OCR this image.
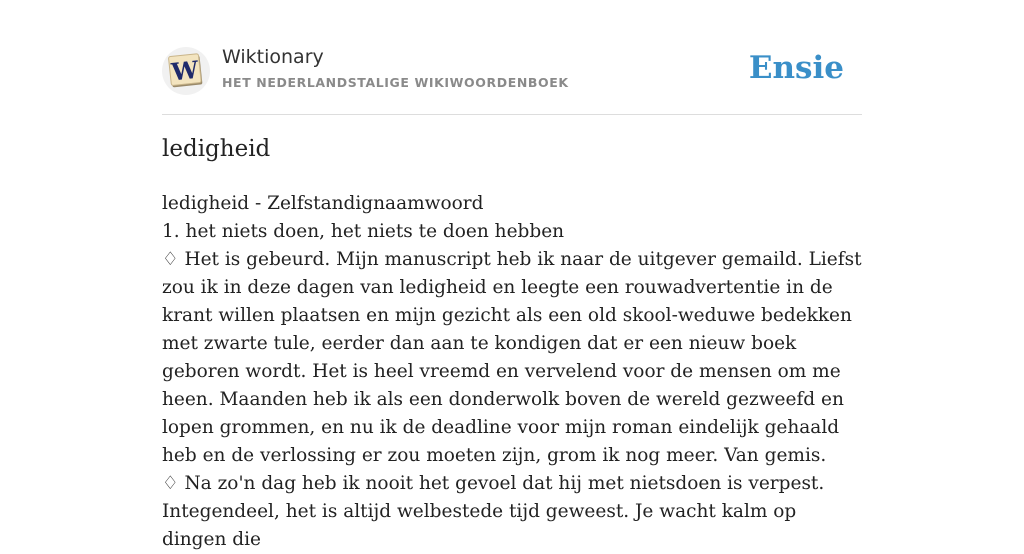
W Wiktionary
HET NEDERLANDSTALIGE WIKIWOORDENBOEK	Ensie
ledigheid

ledigheid - Zelfstandignaamwoord

1. het niets doen, het niets te doen hebben

♢ Het is gebeurd. Mijn manuscript heb ik naar de uitgever gemaild. Liefst zou ik in deze dagen van ledigheid en leegte een rouwadvertentie in de krant willen plaatsen en mijn gezicht als een old skool-weduwe bedekken met zwarte tule, eerder dan aan te kondigen dat er een nieuw boek geboren wordt. Het is heel vreemd en vervelend voor de mensen om me heen. Maanden heb ik als een donderwolk boven de wereld gezweefd en lopen grommen, en nu ik de deadline voor mijn roman eindelijk gehaald heb en de verlossing er zou moeten zijn, grom ik nog meer. Van gemis.

♢ Na zo'n dag heb ik nooit het gevoel dat hij met nietsdoen is verpest. Integendeel, het is altijd welbestede tijd geweest. Je wacht kalm op dingen die
